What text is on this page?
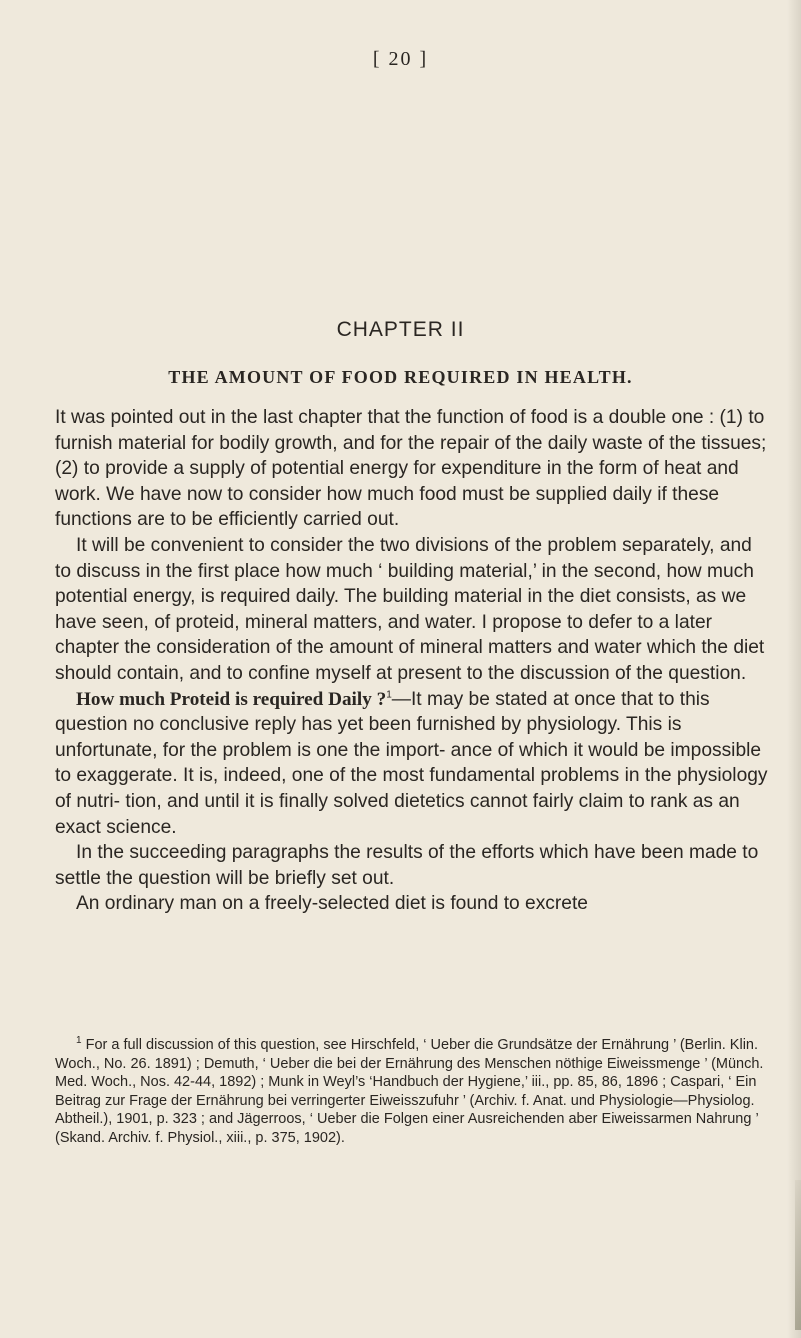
[ 20 ]
CHAPTER II
THE AMOUNT OF FOOD REQUIRED IN HEALTH.

It was pointed out in the last chapter that the function of food is a double one : (1) to furnish material for bodily growth, and for the repair of the daily waste of the tissues; (2) to provide a supply of potential energy for expenditure in the form of heat and work. We have now to consider how much food must be supplied daily if these functions are to be efficiently carried out.

It will be convenient to consider the two divisions of the problem separately, and to discuss in the first place how much ‘ building material,’ in the second, how much potential energy, is required daily. The building material in the diet consists, as we have seen, of proteid, mineral matters, and water. I propose to defer to a later chapter the consideration of the amount of mineral matters and water which the diet should contain, and to confine myself at present to the discussion of the question.

How much Proteid is required Daily ?$^1$—It may be stated at once that to this question no conclusive reply has yet been furnished by physiology. This is unfortunate, for the problem is one the import- ance of which it would be impossible to exaggerate. It is, indeed, one of the most fundamental problems in the physiology of nutri- tion, and until it is finally solved dietetics cannot fairly claim to rank as an exact science.

In the succeeding paragraphs the results of the efforts which have been made to settle the question will be briefly set out.

An ordinary man on a freely-selected diet is found to excrete

$^1$ For a full discussion of this question, see Hirschfeld, ‘ Ueber die Grundsätze der Ernährung ’ (Berlin. Klin. Woch., No. 26. 1891) ; Demuth, ‘ Ueber die bei der Ernährung des Menschen nöthige Eiweissmenge ’ (Münch. Med. Woch., Nos. 42-44, 1892) ; Munk in Weyl’s ‘Handbuch der Hygiene,’ iii., pp. 85, 86, 1896 ; Caspari, ‘ Ein Beitrag zur Frage der Ernährung bei verringerter Eiweisszufuhr ’ (Archiv. f. Anat. und Physiologie—Physiolog. Abtheil.), 1901, p. 323 ; and Jägerroos, ‘ Ueber die Folgen einer Ausreichenden aber Eiweissarmen Nahrung ’ (Skand. Archiv. f. Physiol., xiii., p. 375, 1902).
